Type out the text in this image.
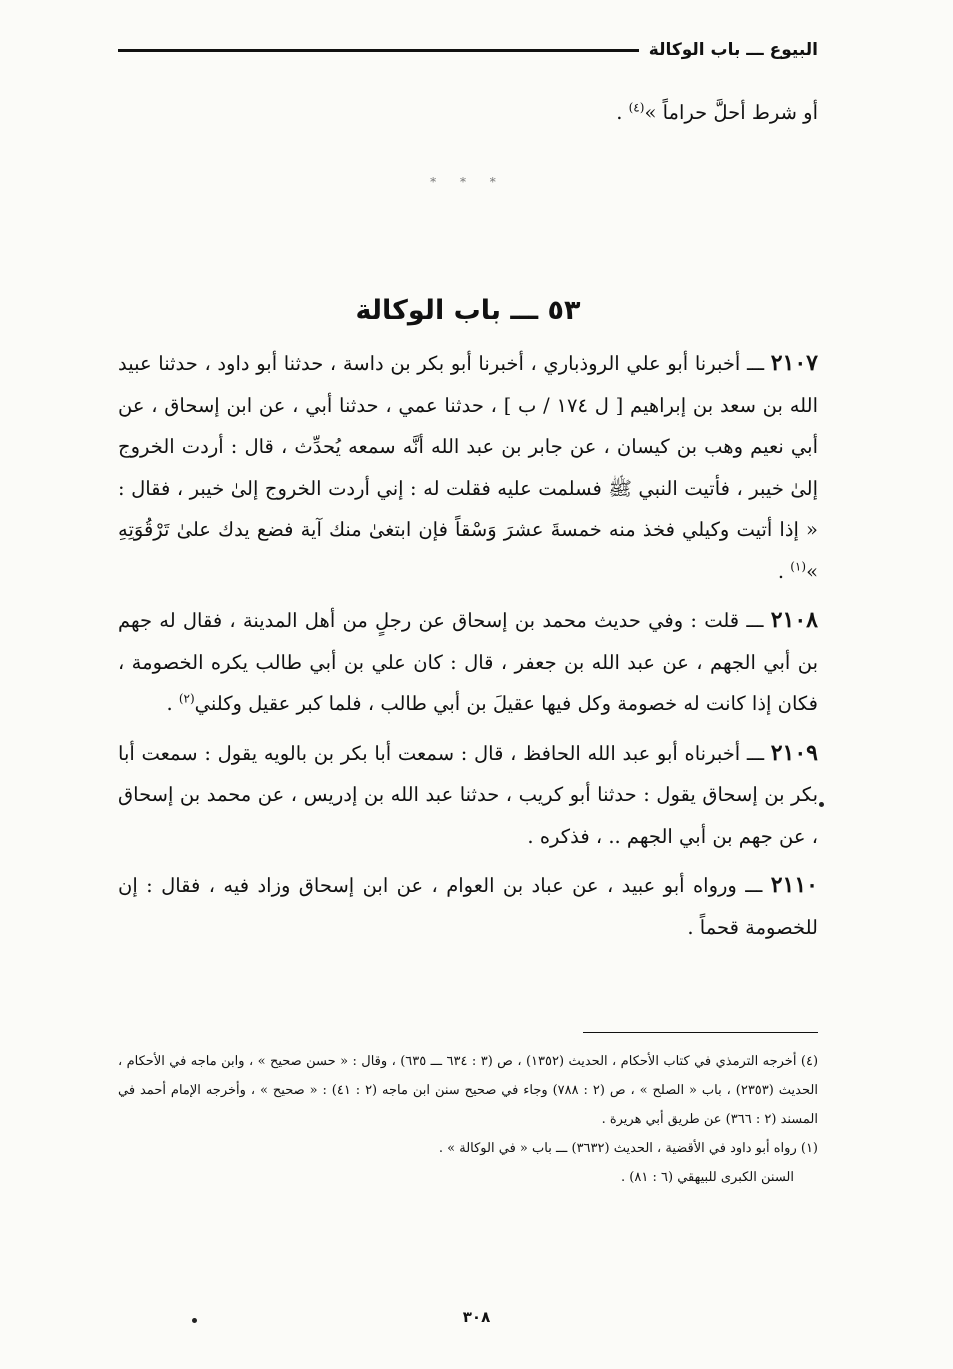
البيوع ـــ باب الوكالة

أو شرط أحلَّ حراماً »$^{(٤)}$ .

* * *
٥٣ ـــ باب الوكالة

٢١٠٧ ـــ أخبرنا أبو علي الروذباري ، أخبرنا أبو بكر بن داسة ، حدثنا أبو داود ، حدثنا عبيد الله بن سعد بن إبراهيم [ ل ١٧٤ / ب ] ، حدثنا عمي ، حدثنا أبي ، عن ابن إسحاق ، عن أبي نعيم وهب بن كيسان ، عن جابر بن عبد الله أنَّه سمعه يُحدِّث ، قال : أردت الخروج إلىٰ خيبر ، فأتيت النبي ﷺ فسلمت عليه فقلت له : إني أردت الخروج إلىٰ خيبر ، فقال : « إذا أتيت وكيلي فخذ منه خمسةَ عشرَ وَسْقاً فإن ابتغىٰ منك آية فضع يدك علىٰ تَرْقُوَتِهِ »$^{(١)}$ .

٢١٠٨ ـــ قلت : وفي حديث محمد بن إسحاق عن رجلٍ من أهل المدينة ، فقال له جهم بن أبي الجهم ، عن عبد الله بن جعفر ، قال : كان علي بن أبي طالب يكره الخصومة ، فكان إذا كانت له خصومة وكل فيها عقيلَ بن أبي طالب ، فلما كبر عقيل وكلني$^{(٢)}$ .

٢١٠٩ ـــ أخبرناه أبو عبد الله الحافظ ، قال : سمعت أبا بكر بن بالويه يقول : سمعت أبا بكر بن إسحاق يقول : حدثنا أبو كريب ، حدثنا عبد الله بن إدريس ، عن محمد بن إسحاق ، عن جهم بن أبي الجهم .. ، فذكره .

٢١١٠ ـــ ورواه أبو عبيد ، عن عباد بن العوام ، عن ابن إسحاق وزاد فيه ، فقال : إن للخصومة قحماً .

(٤) أخرجه الترمذي في كتاب الأحكام ، الحديث (١٣٥٢) ، ص (٣ : ٦٣٤ ـــ ٦٣٥) ، وقال : « حسن صحيح » ، وابن ماجه في الأحكام ، الحديث (٢٣٥٣) ، باب « الصلح » ، ص (٢ : ٧٨٨) وجاء في صحيح سنن ابن ماجه (٢ : ٤١) : « صحيح » ، وأخرجه الإمام أحمد في المسند (٢ : ٣٦٦) عن طريق أبي هريرة .

(١) رواه أبو داود في الأقضية ، الحديث (٣٦٣٢) ـــ باب « في الوكالة » .

السنن الكبرى للبيهقي (٦ : ٨١) .

٣٠٨
